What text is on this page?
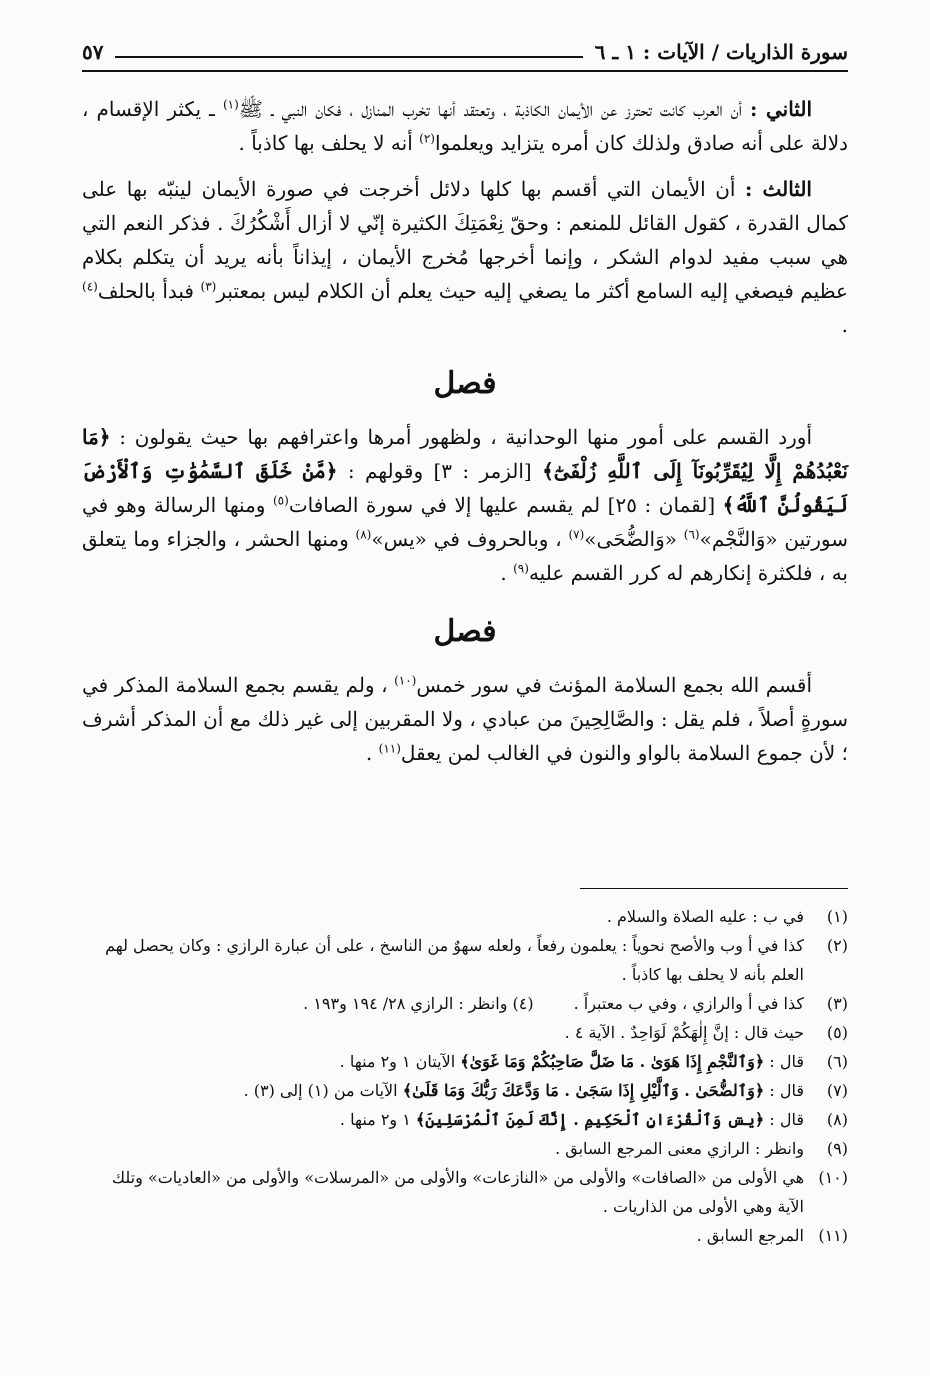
سورة الذاريات / الآيات : ١ ـ ٦
٥٧

الثاني : أن العرب كانت تحترز عن الأيمان الكاذبة ، وتعتقد أنها تخرب المنازل ، فكان النبي ـ ﷺ$^{(١)}$ ـ يكثر الإقسام ، دلالة على أنه صادق ولذلك كان أمره يتزايد ويعلموا$^{(٢)}$ أنه لا يحلف بها كاذباً .

الثالث : أن الأيمان التي أقسم بها كلها دلائل أخرجت في صورة الأيمان لينبّه بها على كمال القدرة ، كقول القائل للمنعم : وحقّ نِعْمَتِكَ الكثيرة إنّي لا أزال أَشْكُرُكَ . فذكر النعم التي هي سبب مفيد لدوام الشكر ، وإنما أخرجها مُخرج الأيمان ، إيذاناً بأنه يريد أن يتكلم بكلام عظيم فيصغي إليه السامع أكثر ما يصغي إليه حيث يعلم أن الكلام ليس بمعتبر$^{(٣)}$ فبدأ بالحلف$^{(٤)}$ .

فصل

أورد القسم على أمور منها الوحدانية ، ولظهور أمرها واعترافهم بها حيث يقولون : ﴿مَا نَعْبُدُهُمْ إِلَّا لِيُقَرِّبُونَآ إِلَى ٱللَّهِ زُلْفَىٰٓ﴾ [الزمر : ٣] وقولهم : ﴿مَّنْ خَلَقَ ٱلسَّمَٰوَٰتِ وَٱلْأَرْضَ لَيَقُولُنَّ ٱللَّهُ﴾ [لقمان : ٢٥] لم يقسم عليها إلا في سورة الصافات$^{(٥)}$ ومنها الرسالة وهو في سورتين «وَالنَّجْم»$^{(٦)}$ «وَالضُّحَى»$^{(٧)}$ ، وبالحروف في «يس»$^{(٨)}$ ومنها الحشر ، والجزاء وما يتعلق به ، فلكثرة إنكارهم له كرر القسم عليه$^{(٩)}$ .

فصل

أقسم الله بجمع السلامة المؤنث في سور خمس$^{(١٠)}$ ، ولم يقسم بجمع السلامة المذكر في سورةٍ أصلاً ، فلم يقل : والصَّالِحِينَ من عبادي ، ولا المقربين إلى غير ذلك مع أن المذكر أشرف ؛ لأن جموع السلامة بالواو والنون في الغالب لمن يعقل$^{(١١)}$ .

(١)
في ب : عليه الصلاة والسلام .
(٢)
كذا في أ وب والأصح نحوياً : يعلمون رفعاً ، ولعله سهوٌ من الناسخ ، على أن عبارة الرازي : وكان يحصل لهم العلم بأنه لا يحلف بها كاذباً .
(٣)
كذا في أ والرازي ، وفي ب معتبراً .(٤) وانظر : الرازي ٢٨/ ١٩٤ و١٩٣ .
(٥)
حيث قال : إنَّ إِلٰهَكُمْ لَوَاحِدٌ . الآية ٤ .
(٦)
قال : ﴿وَٱلنَّجْمِ إِذَا هَوَىٰ . مَا ضَلَّ صَاحِبُكُمْ وَمَا غَوَىٰ﴾ الآيتان ١ و٢ منها .
(٧)
قال : ﴿وَٱلضُّحَىٰ . وَٱلَّيْلِ إِذَا سَجَىٰ . مَا وَدَّعَكَ رَبُّكَ وَمَا قَلَىٰ﴾ الآيات من (١) إلى (٣) .
(٨)
قال : ﴿يسٓ وَٱلْقُرْءَانِ ٱلْحَكِيمِ . إِنَّكَ لَمِنَ ٱلْمُرْسَلِينَ﴾ ١ و٢ منها .
(٩)
وانظر : الرازي معنى المرجع السابق .
(١٠)
هي الأولى من «الصافات» والأولى من «النازعات» والأولى من «المرسلات» والأولى من «العاديات» وتلك الآية وهي الأولى من الذاريات .
(١١)
المرجع السابق .
